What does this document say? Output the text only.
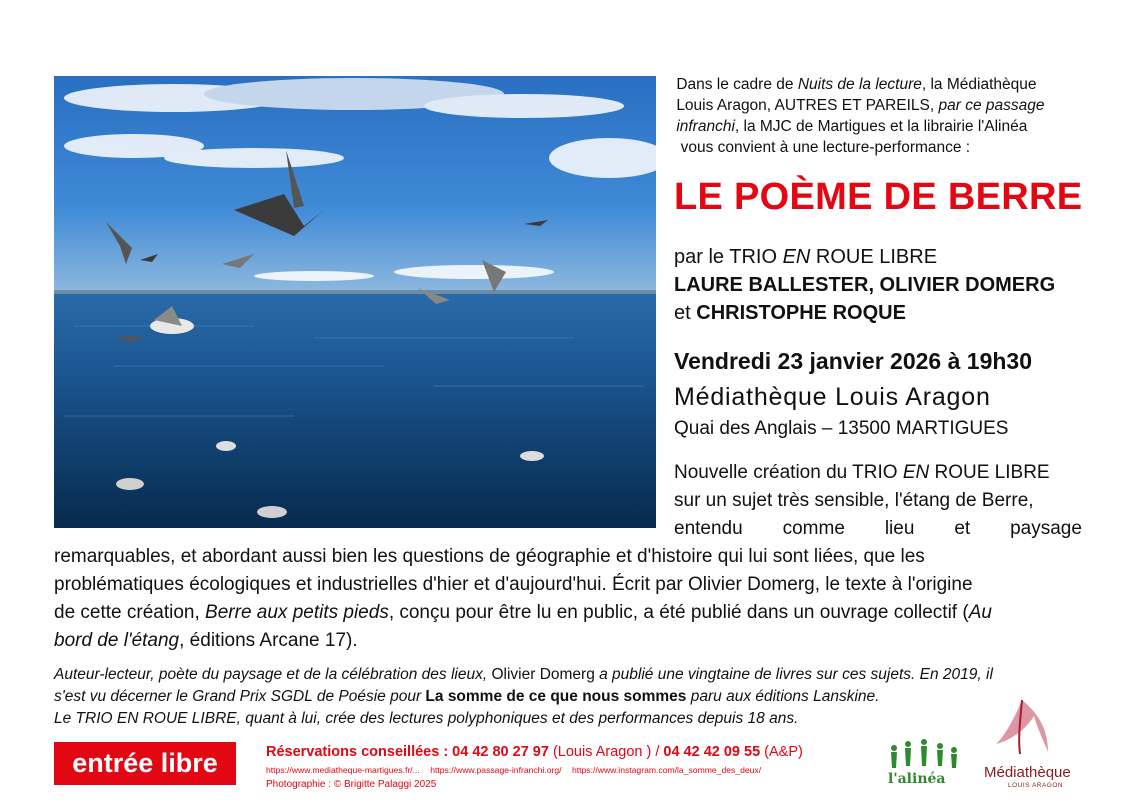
Dans le cadre de Nuits de la lecture, la Médiathèque
Louis Aragon, AUTRES ET PAREILS, par ce passage
infranchi, la MJC de Martigues et la librairie l'Alinéa
vous convient à une lecture-performance :
LE POÈME DE BERRE
par le TRIO EN ROUE LIBRE
LAURE BALLESTER, OLIVIER DOMERG
et CHRISTOPHE ROQUE
Vendredi 23 janvier 2026 à 19h30
Médiathèque Louis Aragon
Quai des Anglais – 13500 MARTIGUES
Nouvelle création du TRIO EN ROUE LIBRE
sur un sujet très sensible, l'étang de Berre,
entendu comme lieu et paysage
remarquables, et abordant aussi bien les questions de géographie et d'histoire qui lui sont liées, que les
problématiques écologiques et industrielles d'hier et d'aujourd'hui. Écrit par Olivier Domerg, le texte à l'origine
de cette création, Berre aux petits pieds, conçu pour être lu en public, a été publié dans un ouvrage collectif (Au
bord de l'étang, éditions Arcane 17).
Auteur-lecteur, poète du paysage et de la célébration des lieux, Olivier Domerg a publié une vingtaine de livres sur ces sujets. En 2019, il
s'est vu décerner le Grand Prix SGDL de Poésie pour La somme de ce que nous sommes paru aux éditions Lanskine.
Le TRIO EN ROUE LIBRE, quant à lui, crée des lectures polyphoniques et des performances depuis 18 ans.
entrée libre	Réservations conseillées : 04 42 80 27 97 (Louis Aragon ) / 04 42 42 09 55 (A&P)
https://www.mediatheque-martigues.fr/... https://www.passage-infranchi.org/ https://www.instagram.com/la_somme_des_deux/
Photographie : © Brigitte Palaggi 2025	l'alinéa	Médiathèque
LOUIS ARAGON
